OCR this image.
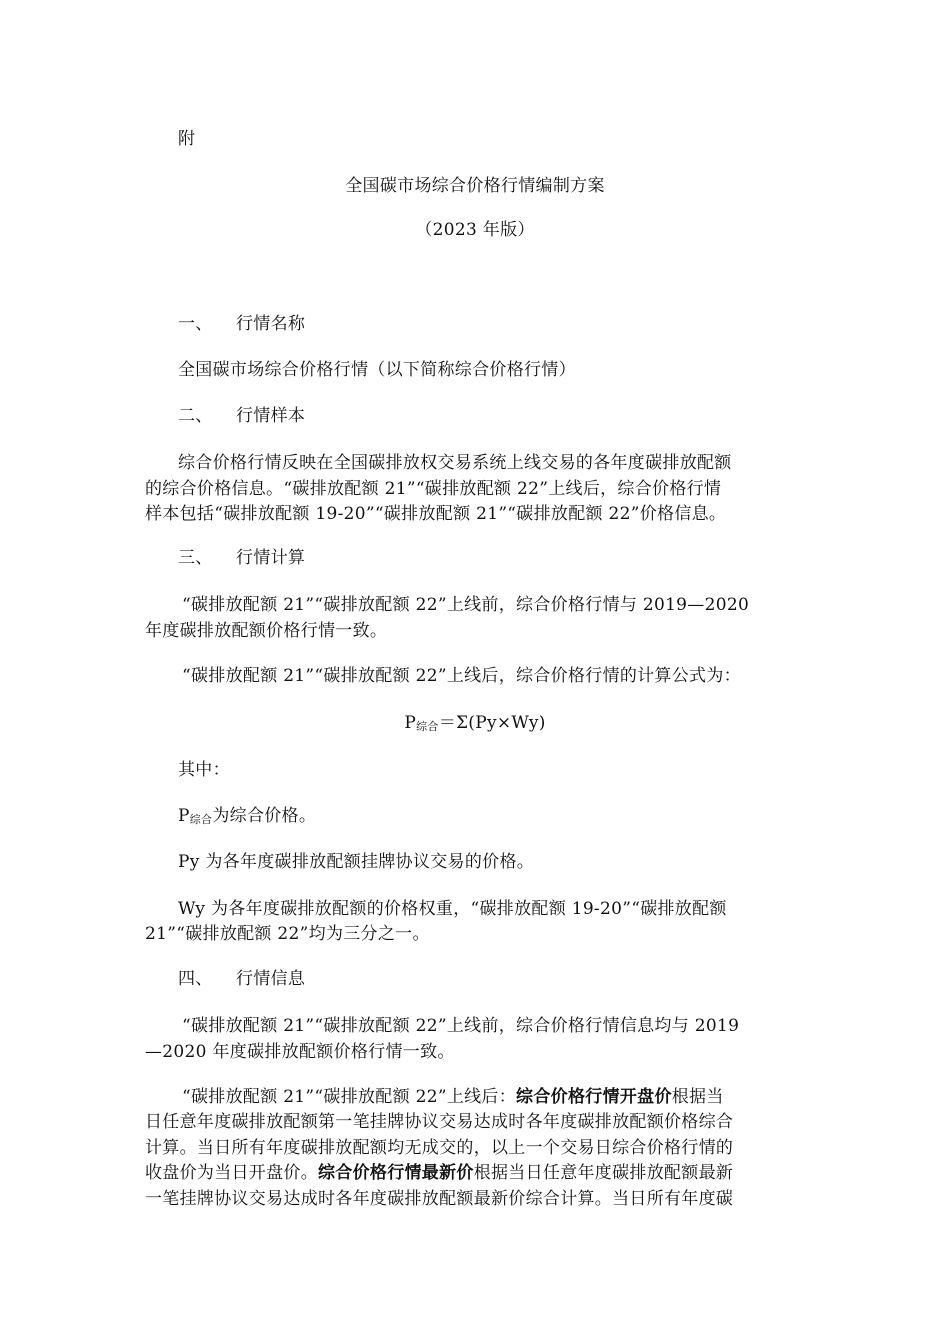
附
全国碳市场综合价格行情编制方案
（2023 年版）
一、 行情名称
全国碳市场综合价格行情（以下简称综合价格行情）
二、 行情样本
综合价格行情反映在全国碳排放权交易系统上线交易的各年度碳排放配额
的综合价格信息。“碳排放配额 21”“碳排放配额 22”上线后，综合价格行情
样本包括“碳排放配额 19-20”“碳排放配额 21”“碳排放配额 22”价格信息。
三、 行情计算
“碳排放配额 21”“碳排放配额 22”上线前，综合价格行情与 2019—2020
年度碳排放配额价格行情一致。
“碳排放配额 21”“碳排放配额 22”上线后，综合价格行情的计算公式为：
$P_{综合}=\Sigma(Py\times Wy)$
其中：
$P_{综合}$为综合价格。
Py 为各年度碳排放配额挂牌协议交易的价格。
Wy 为各年度碳排放配额的价格权重，“碳排放配额 19-20”“碳排放配额
21”“碳排放配额 22”均为三分之一。
四、 行情信息
“碳排放配额 21”“碳排放配额 22”上线前，综合价格行情信息均与 2019
—2020 年度碳排放配额价格行情一致。
“碳排放配额 21”“碳排放配额 22”上线后：综合价格行情开盘价根据当
日任意年度碳排放配额第一笔挂牌协议交易达成时各年度碳排放配额价格综合
计算。当日所有年度碳排放配额均无成交的，以上一个交易日综合价格行情的
收盘价为当日开盘价。综合价格行情最新价根据当日任意年度碳排放配额最新
一笔挂牌协议交易达成时各年度碳排放配额最新价综合计算。当日所有年度碳
